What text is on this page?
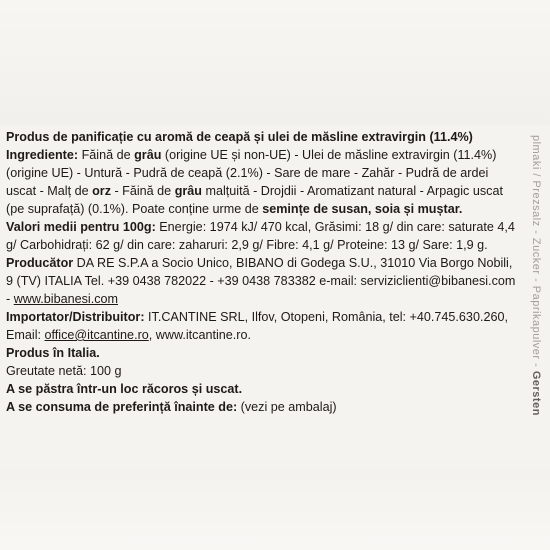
plmaki / Prezsalz - Zucker - Paprikapulver - Gersten

Produs de panificație cu aromă de ceapă și ulei de măsline extravirgin (11.4%)

Ingrediente: Făină de grâu (origine UE și non-UE) - Ulei de măsline extravirgin (11.4%) (origine UE) - Untură - Pudră de ceapă (2.1%) - Sare de mare - Zahăr - Pudră de ardei uscat - Malț de orz - Făină de grâu malțuită - Drojdii - Aromatizant natural - Arpagic uscat (pe suprafață) (0.1%). Poate conține urme de semințe de susan, soia și muștar.

Valori medii pentru 100g: Energie: 1974 kJ/ 470 kcal, Grăsimi: 18 g/ din care: saturate 4,4 g/ Carbohidrați: 62 g/ din care: zaharuri: 2,9 g/ Fibre: 4,1 g/ Proteine: 13 g/ Sare: 1,9 g.

Producător DA RE S.P.A a Socio Unico, BIBANO di Godega S.U., 31010 Via Borgo Nobili, 9 (TV) ITALIA Tel. +39 0438 782022 - +39 0438 783382 e-mail: serviziclienti@bibanesi.com - www.bibanesi.com

Importator/Distribuitor: IT.CANTINE SRL, Ilfov, Otopeni, România, tel: +40.745.630.260,
Email: office@itcantine.ro, www.itcantine.ro.

Produs în Italia.

Greutate netă: 100 g

A se păstra într-un loc răcoros și uscat.

A se consuma de preferință înainte de: (vezi pe ambalaj)
